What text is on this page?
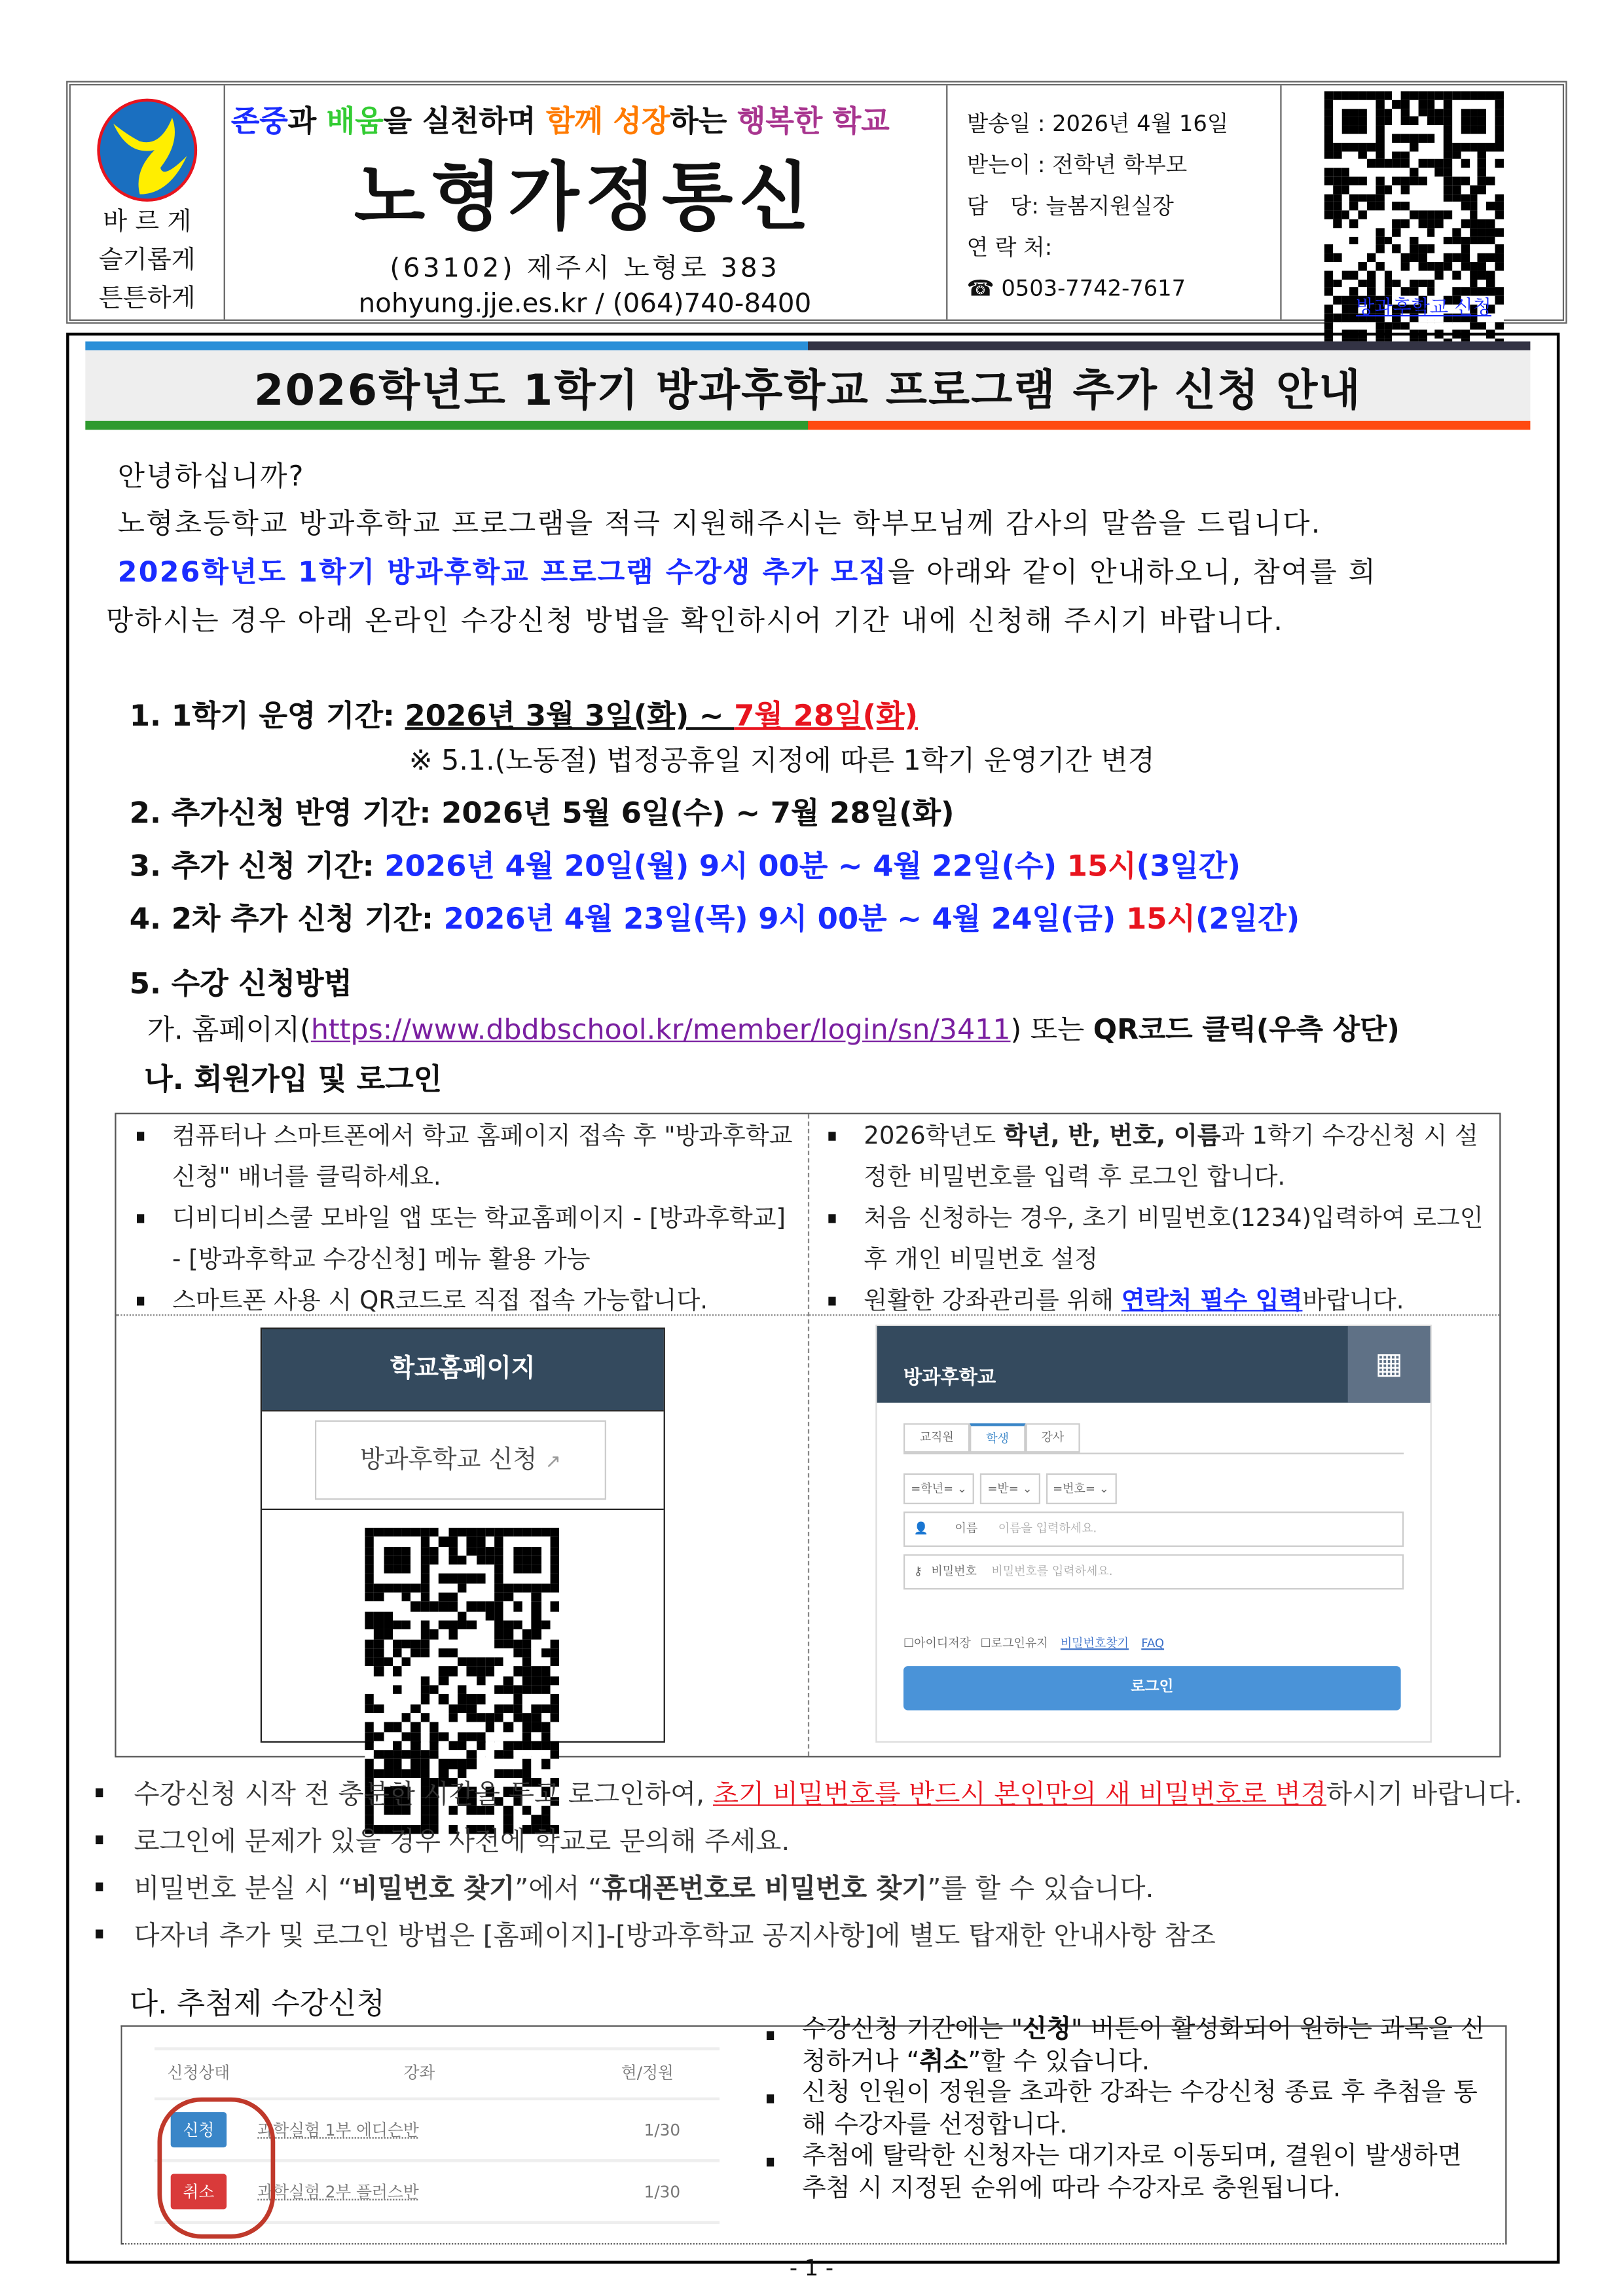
바 르 게
슬기롭게
튼튼하게
존중과 배움을 실천하며 함께 성장하는 행복한 학교
노형가정통신
(63102) 제주시 노형로 383
nohyung.jje.es.kr / (064)740-8400
발송일 : 2026년 4월 16일
받는이 : 전학년 학부모
담　당: 늘봄지원실장
연 락 처:
☎ 0503-7742-7617
방과후학교 신청
2026학년도 1학기 방과후학교 프로그램 추가 신청 안내
안녕하십니까?
노형초등학교 방과후학교 프로그램을 적극 지원해주시는 학부모님께 감사의 말씀을 드립니다.
2026학년도 1학기 방과후학교 프로그램 수강생 추가 모집을 아래와 같이 안내하오니, 참여를 희
망하시는 경우 아래 온라인 수강신청 방법을 확인하시어 기간 내에 신청해 주시기 바랍니다.
1. 1학기 운영 기간: 2026년 3월 3일(화) ~ 7월 28일(화)
※ 5.1.(노동절) 법정공휴일 지정에 따른 1학기 운영기간 변경
2. 추가신청 반영 기간: 2026년 5월 6일(수) ~ 7월 28일(화)
3. 추가 신청 기간: 2026년 4월 20일(월) 9시 00분 ~ 4월 22일(수) 15시(3일간)
4. 2차 추가 신청 기간: 2026년 4월 23일(목) 9시 00분 ~ 4월 24일(금) 15시(2일간)
5. 수강 신청방법
가. 홈페이지(https://www.dbdbschool.kr/member/login/sn/3411) 또는 QR코드 클릭(우측 상단)
나. 회원가입 및 로그인
컴퓨터나 스마트폰에서 학교 홈페이지 접속 후 "방과후학교 신청" 배너를 클릭하세요.
디비디비스쿨 모바일 앱 또는 학교홈페이지 - [방과후학교] - [방과후학교 수강신청] 메뉴 활용 가능
스마트폰 사용 시 QR코드로 직접 접속 가능합니다.
2026학년도 학년, 반, 번호, 이름과 1학기 수강신청 시 설정한 비밀번호를 입력 후 로그인 합니다.
처음 신청하는 경우, 초기 비밀번호(1234)입력하여 로그인 후 개인 비밀번호 설정
원활한 강좌관리를 위해 연락처 필수 입력바랍니다.
학교홈페이지
방과후학교 신청 ↗
방과후학교	▦
교직원	학생	강사
=학년= ⌄	=반= ⌄	=번호= ⌄
👤	이름	이름을 입력하세요.
⚷ 비밀번호	비밀번호를 입력하세요.
☐아이디저장 ☐로그인유지 비밀번호찾기 FAQ
로그인
수강신청 시작 전 충분한 시간을 두고 로그인하여, 초기 비밀번호를 반드시 본인만의 새 비밀번호로 변경하시기 바랍니다.
로그인에 문제가 있을 경우 사전에 학교로 문의해 주세요.
비밀번호 분실 시 “비밀번호 찾기”에서 “휴대폰번호로 비밀번호 찾기”를 할 수 있습니다.
다자녀 추가 및 로그인 방법은 [홈페이지]-[방과후학교 공지사항]에 별도 탑재한 안내사항 참조
다. 추첨제 수강신청
신청상태	강좌	현/정원
신청	과학실험 1부 에디슨반	1/30
취소	과학실험 2부 플러스반	1/30
수강신청 기간에는 "신청" 버튼이 활성화되어 원하는 과목을 신청하거나 “취소”할 수 있습니다.
신청 인원이 정원을 초과한 강좌는 수강신청 종료 후 추첨을 통해 수강자를 선정합니다.
추첨에 탈락한 신청자는 대기자로 이동되며, 결원이 발생하면 추첨 시 지정된 순위에 따라 수강자로 충원됩니다.
- 1 -
